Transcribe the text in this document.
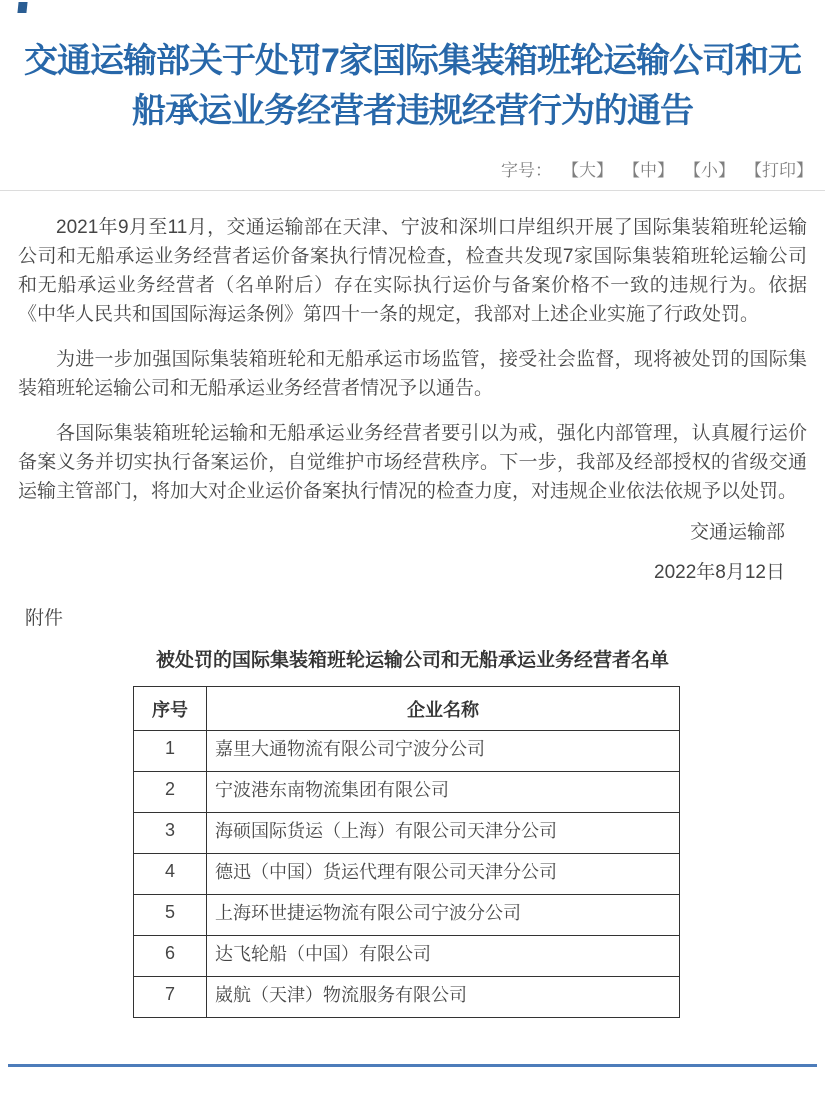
交通运输部关于处罚7家国际集装箱班轮运输公司和无船承运业务经营者违规经营行为的通告
字号： 【大】 【中】 【小】 【打印】

2021年9月至11月，交通运输部在天津、宁波和深圳口岸组织开展了国际集装箱班轮运输公司和无船承运业务经营者运价备案执行情况检查，检查共发现7家国际集装箱班轮运输公司和无船承运业务经营者（名单附后）存在实际执行运价与备案价格不一致的违规行为。依据《中华人民共和国国际海运条例》第四十一条的规定，我部对上述企业实施了行政处罚。

为进一步加强国际集装箱班轮和无船承运市场监管，接受社会监督，现将被处罚的国际集装箱班轮运输公司和无船承运业务经营者情况予以通告。

各国际集装箱班轮运输和无船承运业务经营者要引以为戒，强化内部管理，认真履行运价备案义务并切实执行备案运价，自觉维护市场经营秩序。下一步，我部及经部授权的省级交通运输主管部门，将加大对企业运价备案执行情况的检查力度，对违规企业依法依规予以处罚。

交通运输部
2022年8月12日
附件
被处罚的国际集装箱班轮运输公司和无船承运业务经营者名单
序号	企业名称
1	嘉里大通物流有限公司宁波分公司
2	宁波港东南物流集团有限公司
3	海硕国际货运（上海）有限公司天津分公司
4	德迅（中国）货运代理有限公司天津分公司
5	上海环世捷运物流有限公司宁波分公司
6	达飞轮船（中国）有限公司
7	崴航（天津）物流服务有限公司
